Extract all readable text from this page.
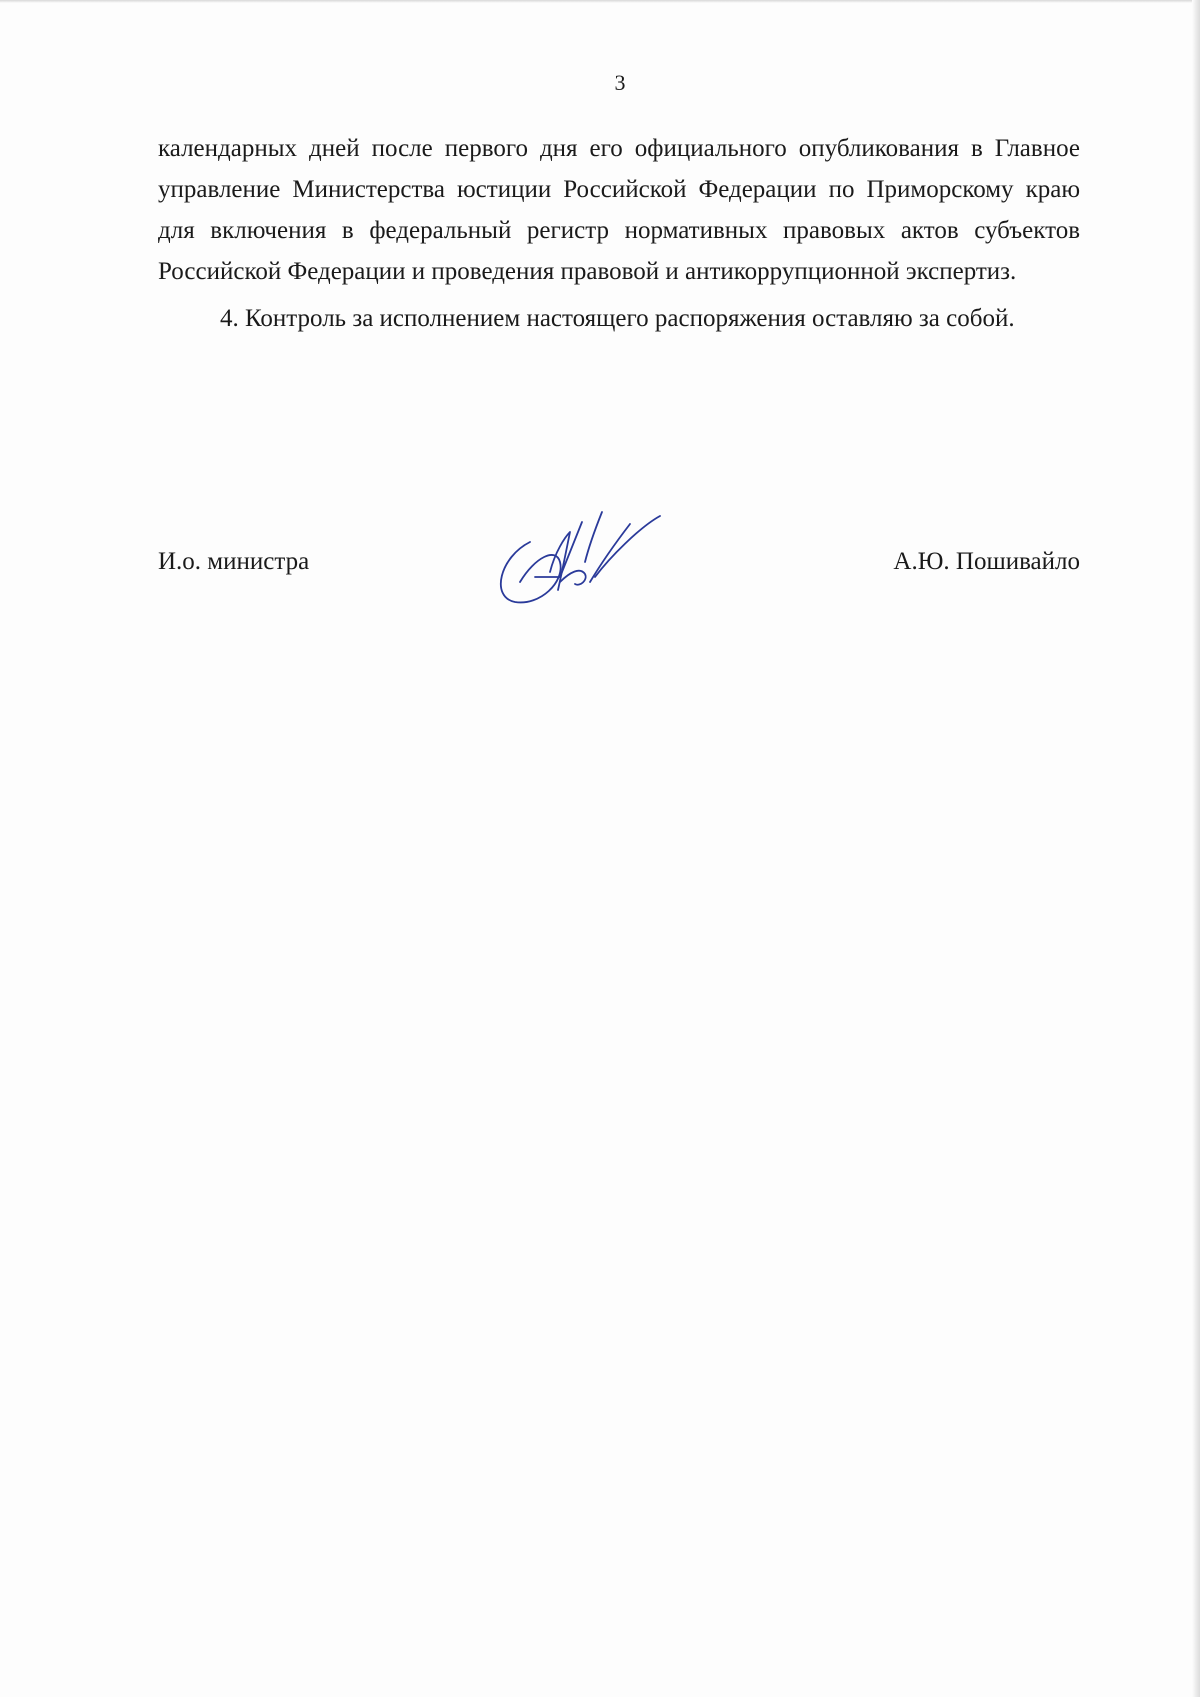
3

календарных дней после первого дня его официального опубликования в Главное управление Министерства юстиции Российской Федерации по Приморскому краю для включения в федеральный регистр нормативных правовых актов субъектов Российской Федерации и проведения правовой и антикоррупционной экспертиз.

4. Контроль за исполнением настоящего распоряжения оставляю за собой.

И.о. министра	А.Ю. Пошивайло
